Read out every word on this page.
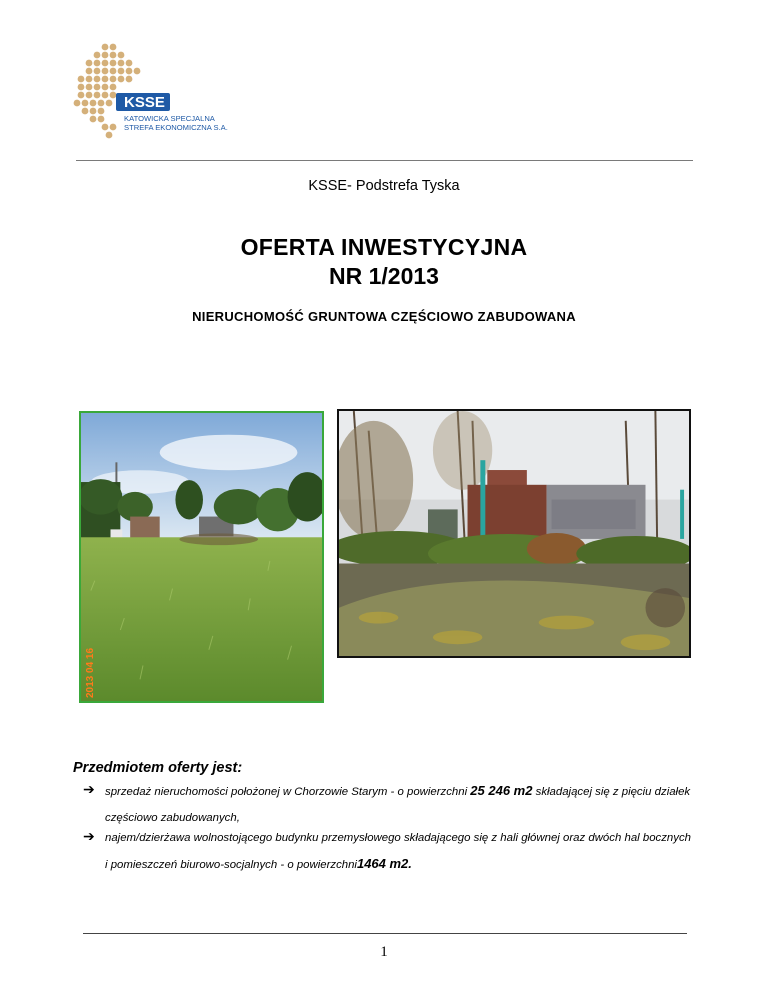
KSSE
KATOWICKA SPECJALNA
STREFA EKONOMICZNA S.A.
KSSE- Podstrefa Tyska
OFERTA INWESTYCYJNA
NR 1/2013
NIERUCHOMOŚĆ GRUNTOWA CZĘŚCIOWO ZABUDOWANA
2013 04 16
Przedmiotem oferty jest:
➔ sprzedaż nieruchomości położonej w Chorzowie Starym - o powierzchni 25 246 m2 składającej się z pięciu działek częściowo zabudowanych,
➔ najem/dzierżawa wolnostojącego budynku przemysłowego składającego się z hali głównej oraz dwóch hal bocznych i pomieszczeń biurowo-socjalnych - o powierzchni1464 m2.
1
